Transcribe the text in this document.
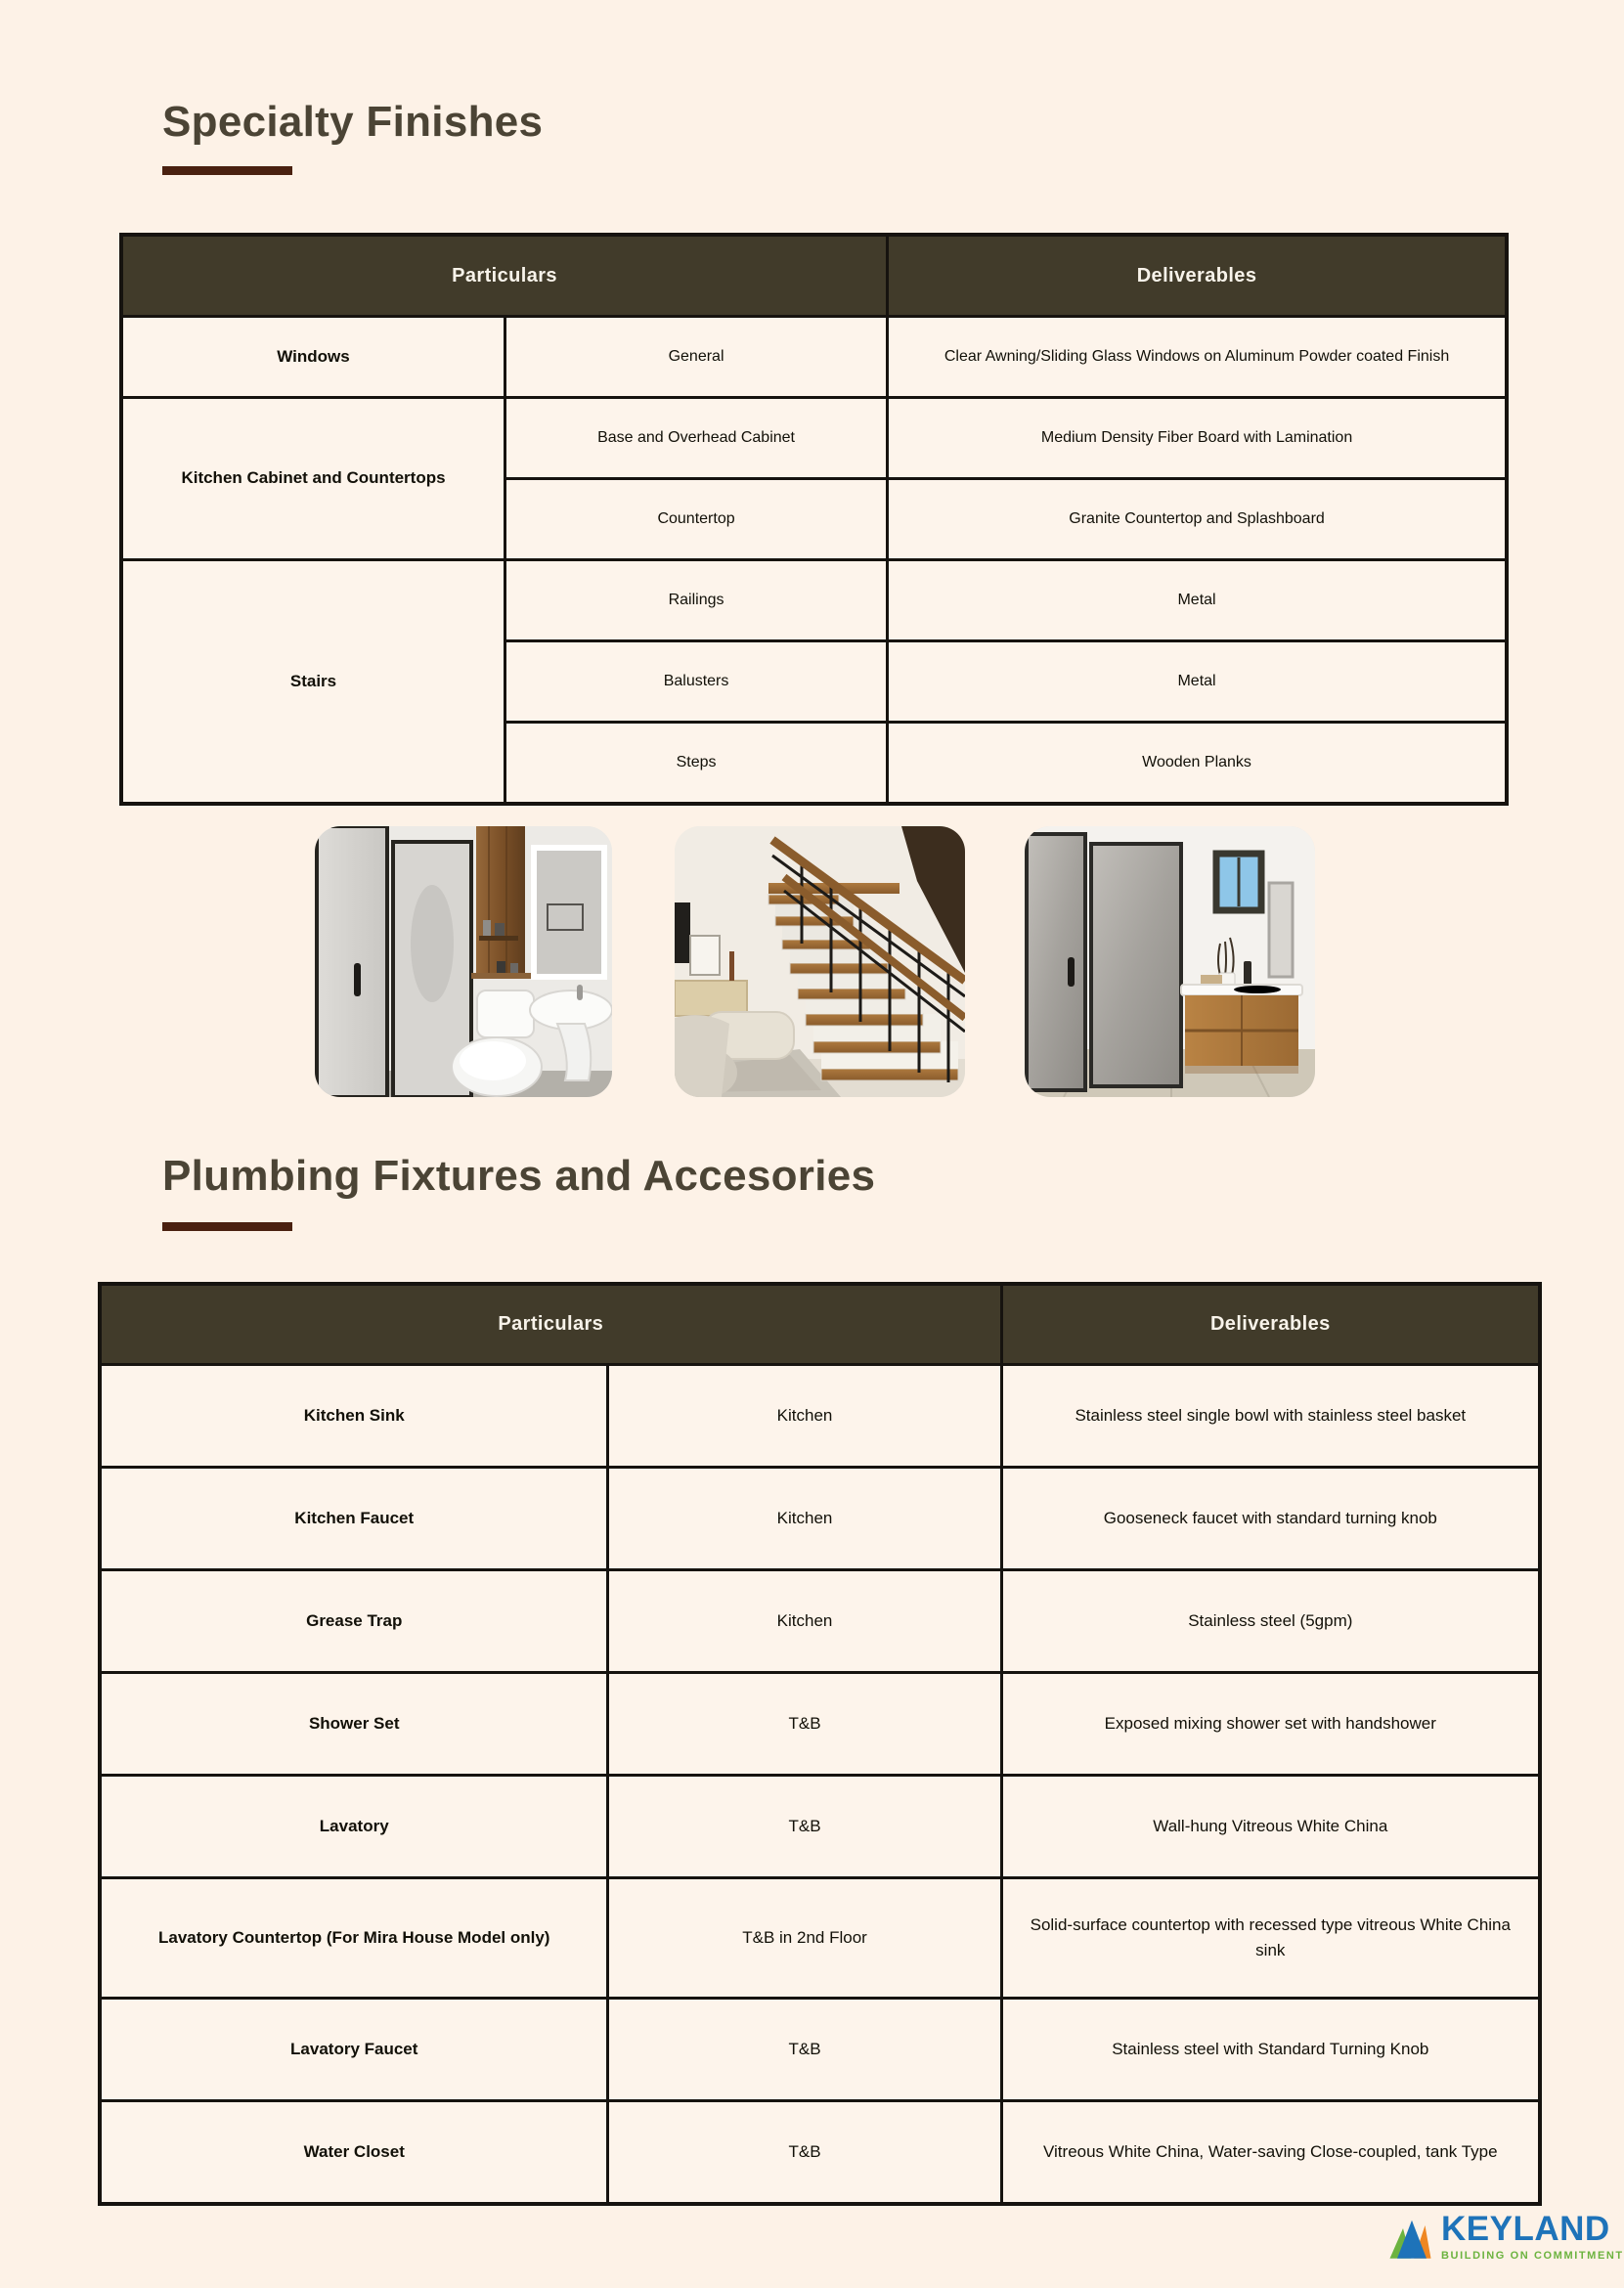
Specialty Finishes
Particulars		Deliverables
Windows	General	Clear Awning/Sliding Glass Windows on Aluminum Powder coated Finish
Kitchen Cabinet and Countertops	Base and Overhead Cabinet	Medium Density Fiber Board with Lamination
	Countertop	Granite Countertop and Splashboard
Stairs	Railings	Metal
	Balusters	Metal
	Steps	Wooden Planks
Plumbing Fixtures and Accesories
Particulars		Deliverables
Kitchen Sink	Kitchen	Stainless steel single bowl with stainless steel basket
Kitchen Faucet	Kitchen	Gooseneck faucet with standard turning knob
Grease Trap	Kitchen	Stainless steel (5gpm)
Shower Set	T&B	Exposed mixing shower set with handshower
Lavatory	T&B	Wall-hung Vitreous White China
Lavatory Countertop (For Mira House Model only)	T&B in 2nd Floor	Solid-surface countertop with recessed type vitreous White China sink
Lavatory Faucet	T&B	Stainless steel with Standard Turning Knob
Water Closet	T&B	Vitreous White China, Water-saving Close-coupled, tank Type
KEYLAND
BUILDING ON COMMITMENT
